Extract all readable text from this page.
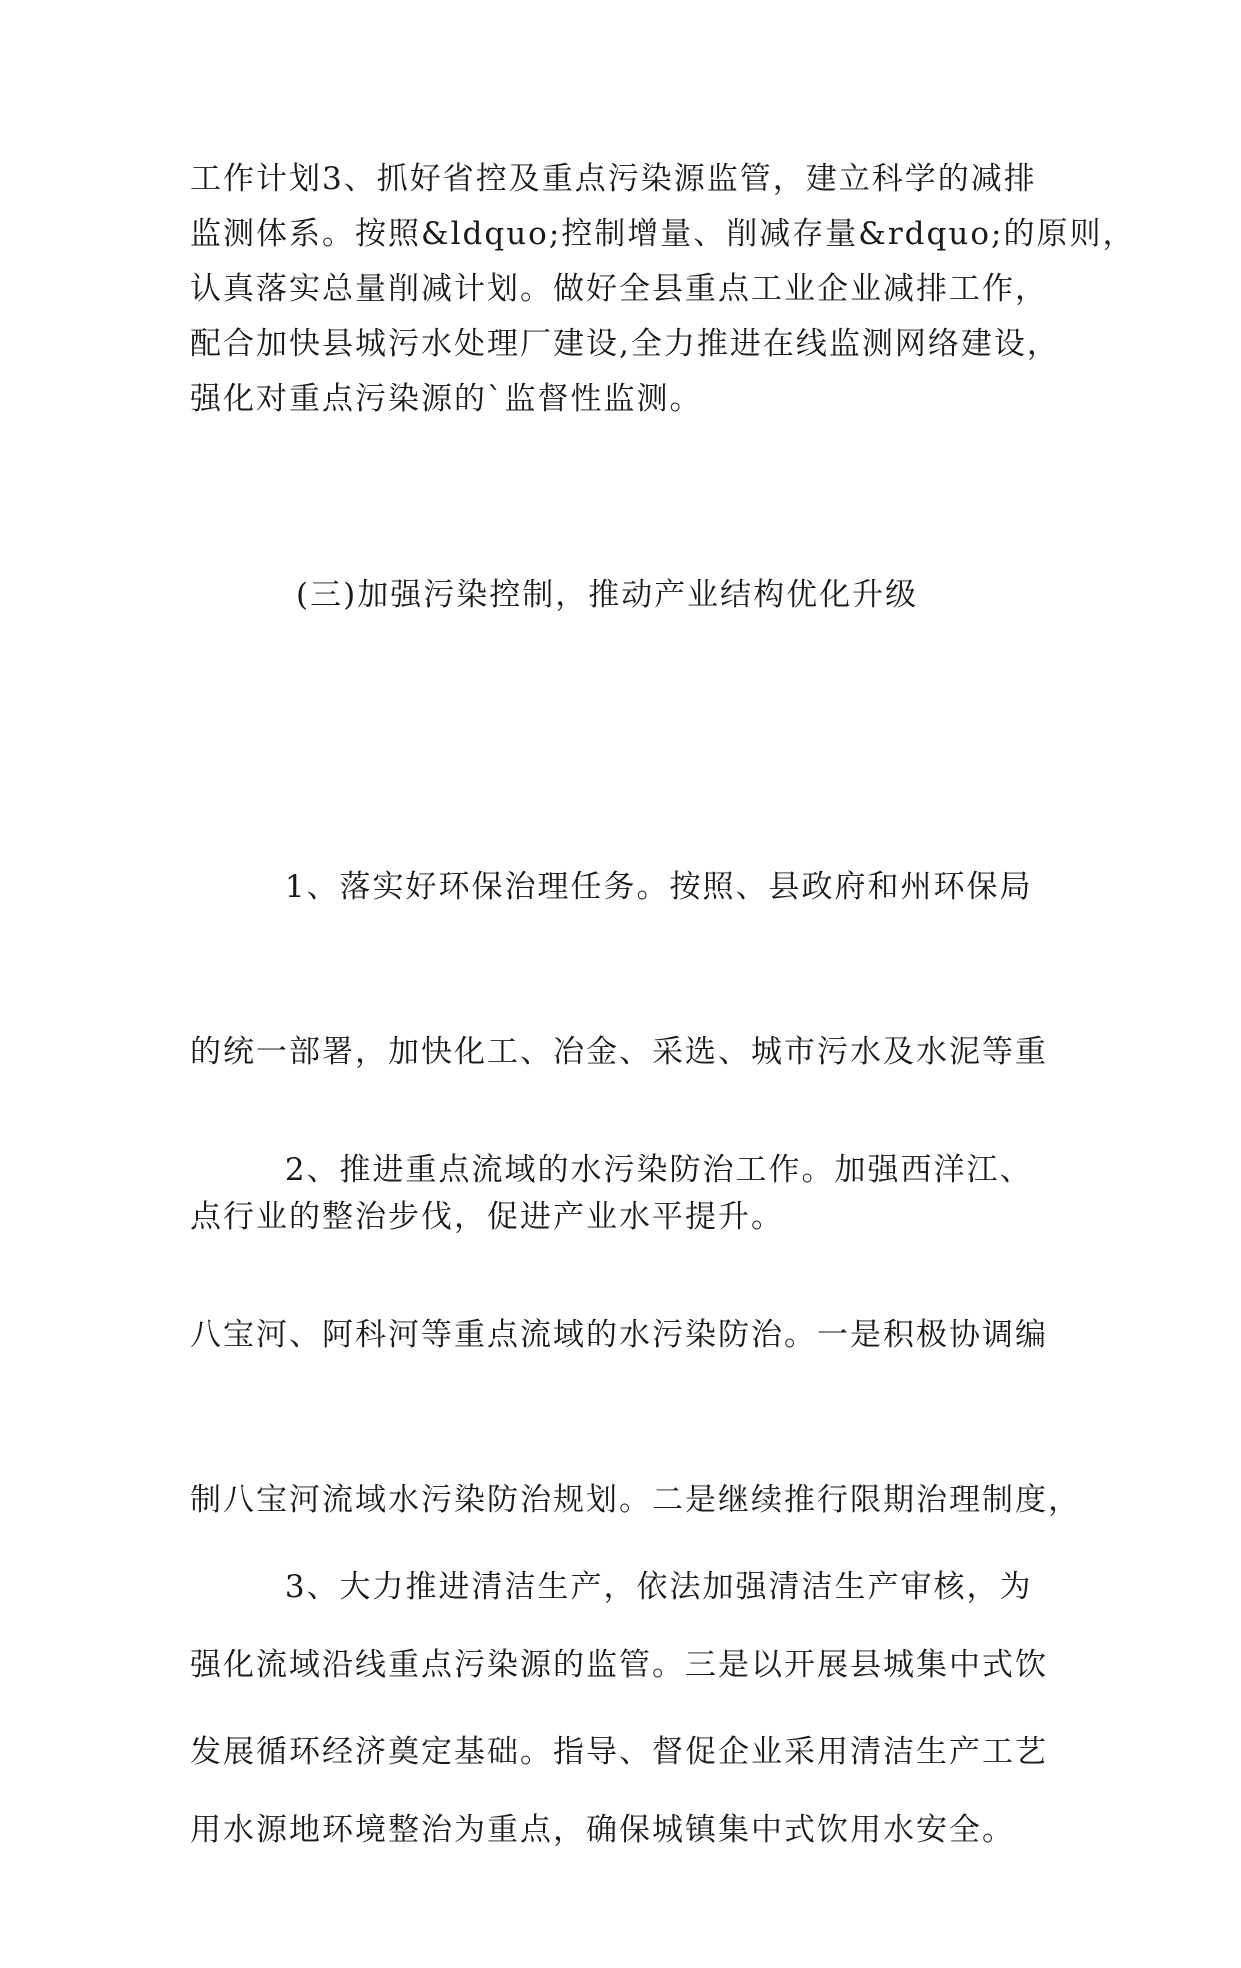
工作计划3、抓好省控及重点污染源监管，建立科学的减排
监测体系。按照&ldquo;控制增量、削减存量&rdquo;的原则，
认真落实总量削减计划。做好全县重点工业企业减排工作，
配合加快县城污水处理厂建设,全力推进在线监测网络建设，
强化对重点污染源的`监督性监测。
(三)加强污染控制，推动产业结构优化升级

1、落实好环保治理任务。按照、县政府和州环保局

的统一部署，加快化工、冶金、采选、城市污水及水泥等重

点行业的整治步伐，促进产业水平提升。

2、推进重点流域的水污染防治工作。加强西洋江、

八宝河、阿科河等重点流域的水污染防治。一是积极协调编

制八宝河流域水污染防治规划。二是继续推行限期治理制度，

强化流域沿线重点污染源的监管。三是以开展县城集中式饮

用水源地环境整治为重点，确保城镇集中式饮用水安全。

3、大力推进清洁生产，依法加强清洁生产审核，为

发展循环经济奠定基础。指导、督促企业采用清洁生产工艺
